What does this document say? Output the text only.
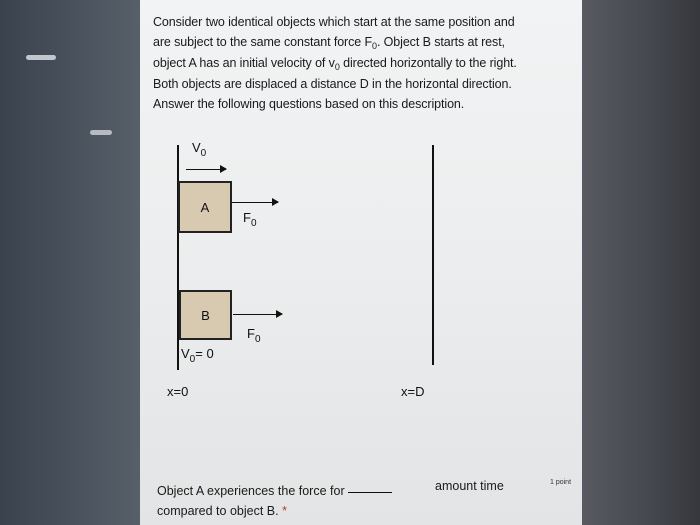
Consider two identical objects which start at the same position and

are subject to the same constant force $F_0$. Object B starts at rest,

object A has an initial velocity of $v_0$ directed horizontally to the right.

Both objects are displaced a distance D in the horizontal direction.

Answer the following questions based on this description.

$V_0$
A
$F_0$
B
$F_0$
$V_0= 0$
x=0	x=D
Object A experiences the force for
compared to object B. *
amount time	1 point
